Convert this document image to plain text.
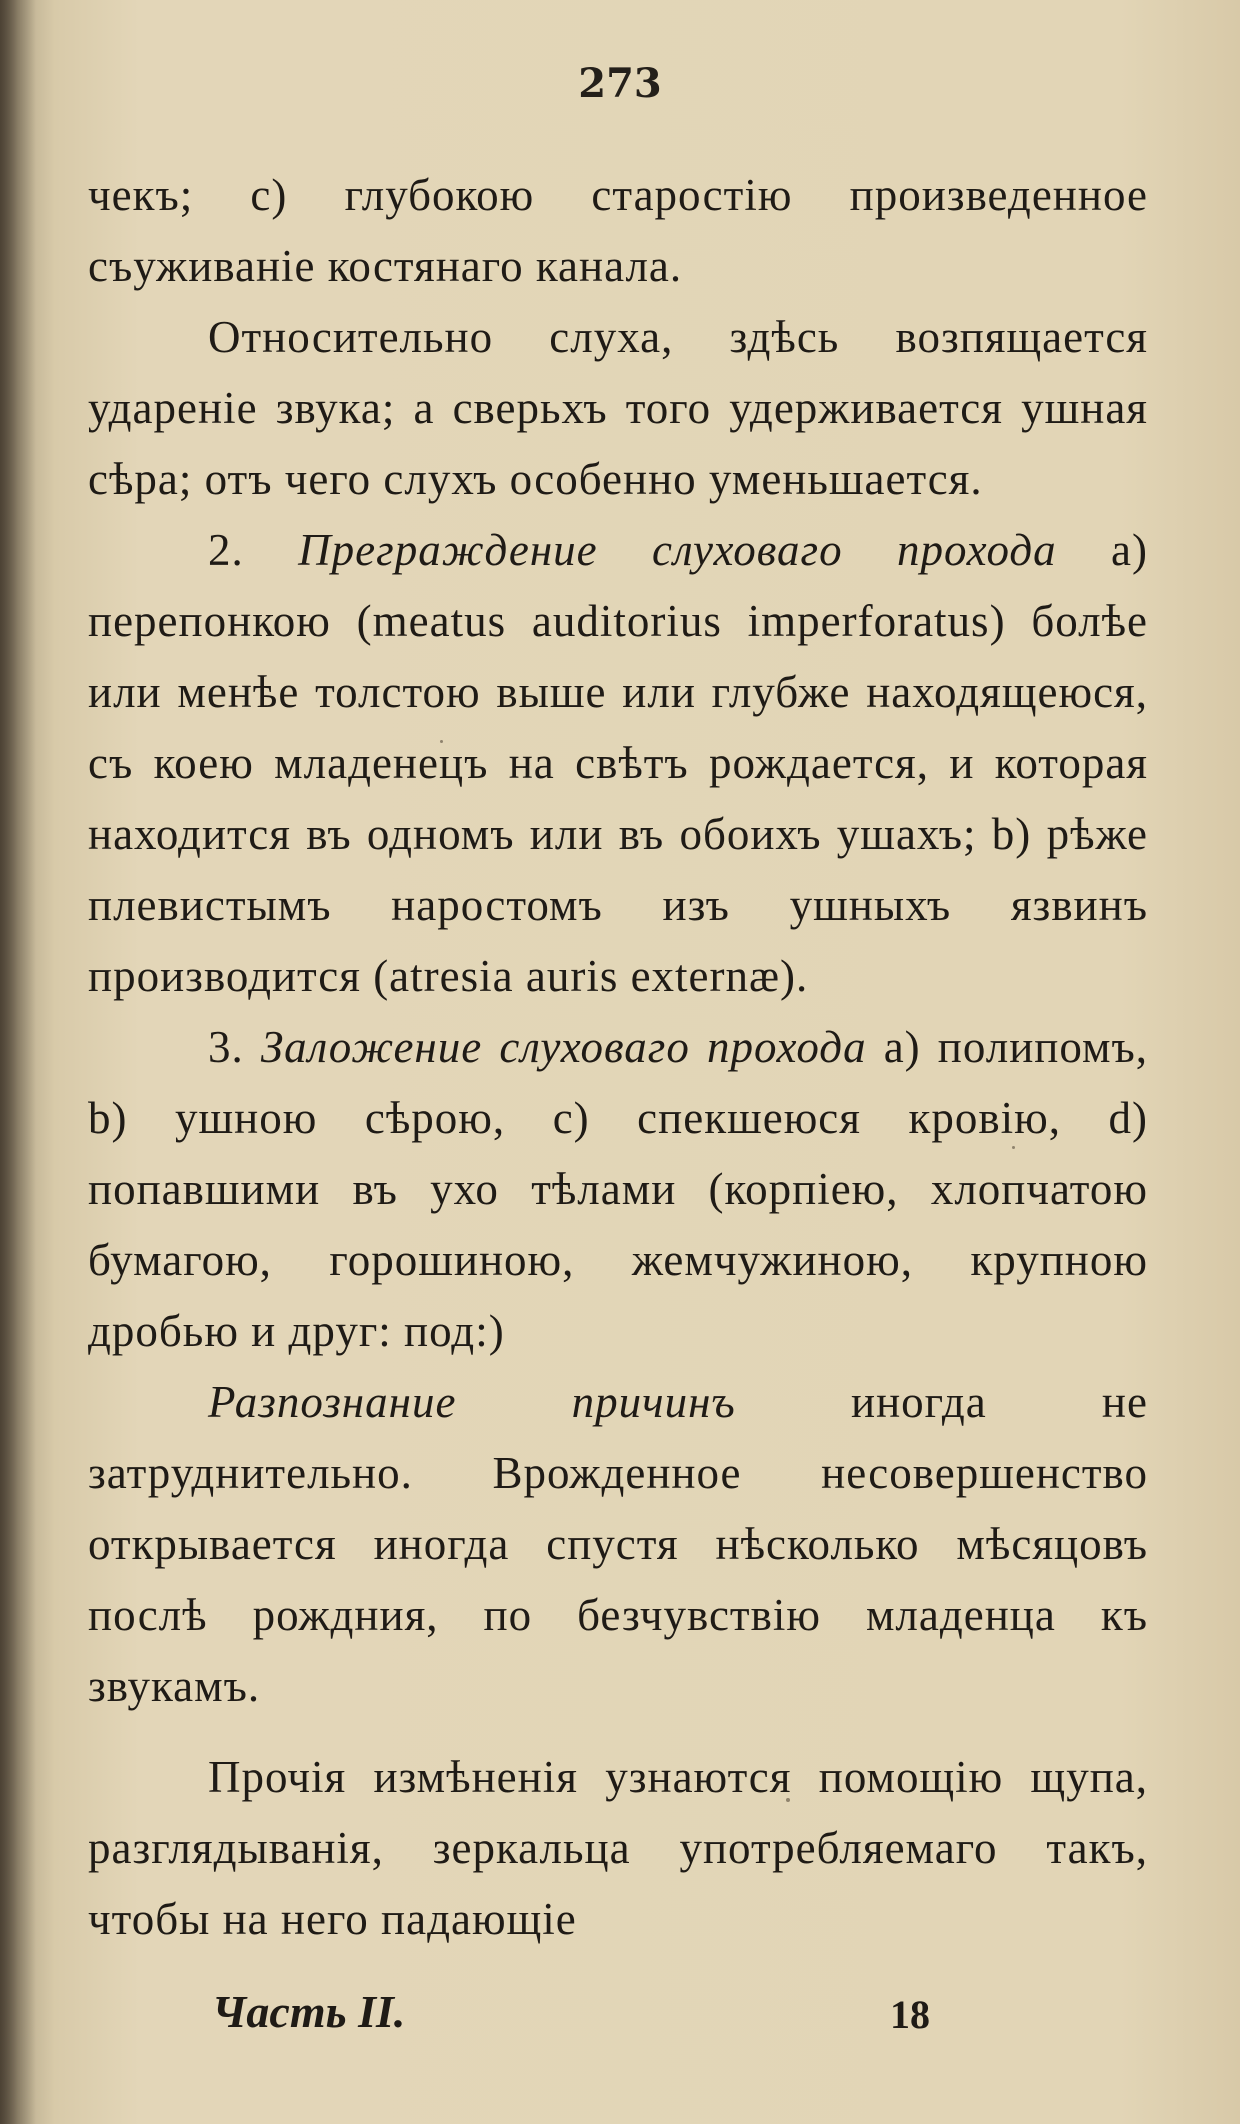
273

чекъ; с) глубокою старостію произведенное съуживаніе костянаго канала.

Относительно слуха, здѣсь возпящается удареніе звука; а сверьхъ того удерживается ушная сѣра; отъ чего слухъ особенно уменьшается.

2. Преграждение слуховаго прохода а) перепонкою (meatus auditorius imperforatus) болѣе или менѣе толстою выше или глубже находящеюся, съ коею младенецъ на свѣтъ рождается, и которая находится въ одномъ или въ обоихъ ушахъ; b) рѣже плевистымъ наростомъ изъ ушныхъ язвинъ производится (atresia auris externæ).

3. Заложение слуховаго прохода а) полипомъ, b) ушною сѣрою, с) спекшеюся кровію, d) попавшими въ ухо тѣлами (корпіею, хлопчатою бумагою, горошиною, жемчужиною, крупною дробью и друг: под:)

Разпознание причинъ	иногда не затруднительно. Врожденное несовершенство открывается иногда спустя нѣсколько мѣсяцовъ послѣ рождния, по безчувствію младенца къ звукамъ.

Прочія измѣненія узнаются помощію щупа, разглядыванія, зеркальца употребляемаго такъ, чтобы на него падающіе

Часть II.	18
